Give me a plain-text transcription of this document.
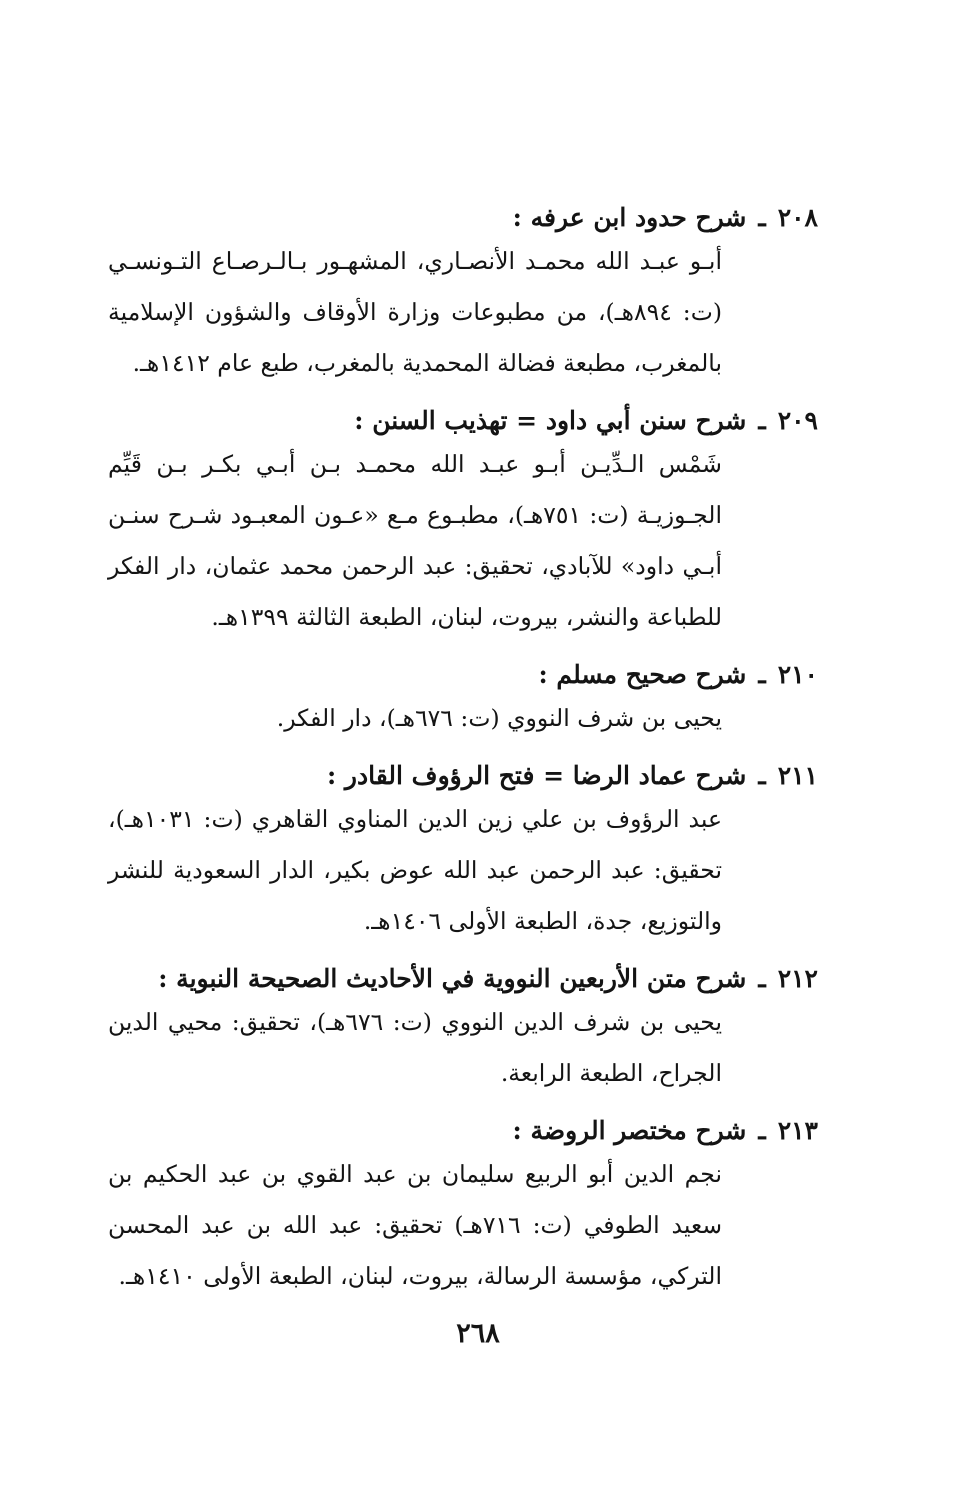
٢٠٨ـشرح حدود ابن عرفه :
أبـو عبـد الله محمـد الأنصـاري، المشهـور بـالـرصـاع التـونسـي (ت: ٨٩٤هـ)، من مطبوعات وزارة الأوقاف والشؤون الإسلامية بالمغرب، مطبعة فضالة المحمدية بالمغرب، طبع عام ١٤١٢هـ.
٢٠٩ـشرح سنن أبي داود = تهذيب السنن :
شَمْس الـدِّيـن أبـو عبـد الله محمـد بـن أبـي بكـر بـن قَيِّم الجـوزيـة (ت: ٧٥١هـ)، مطبـوع مـع «عـون المعبـود شـرح سنـن أبـي داود» للآبادي، تحقيق: عبد الرحمن محمد عثمان، دار الفكر للطباعة والنشر، بيروت، لبنان، الطبعة الثالثة ١٣٩٩هـ.
٢١٠ـشرح صحيح مسلم :
يحيى بن شرف النووي (ت: ٦٧٦هـ)، دار الفكر.
٢١١ـشرح عماد الرضا = فتح الرؤوف القادر :
عبد الرؤوف بن علي زين الدين المناوي القاهري (ت: ١٠٣١هـ)، تحقيق: عبد الرحمن عبد الله عوض بكير، الدار السعودية للنشر والتوزيع، جدة، الطبعة الأولى ١٤٠٦هـ.
٢١٢ـشرح متن الأربعين النووية في الأحاديث الصحيحة النبوية :
يحيى بن شرف الدين النووي (ت: ٦٧٦هـ)، تحقيق: محيي الدين الجراح، الطبعة الرابعة.
٢١٣ـشرح مختصر الروضة :
نجم الدين أبو الربيع سليمان بن عبد القوي بن عبد الحكيم بن سعيد الطوفي (ت: ٧١٦هـ) تحقيق: عبد الله بن عبد المحسن التركي، مؤسسة الرسالة، بيروت، لبنان، الطبعة الأولى ١٤١٠هـ.
٢٦٨
